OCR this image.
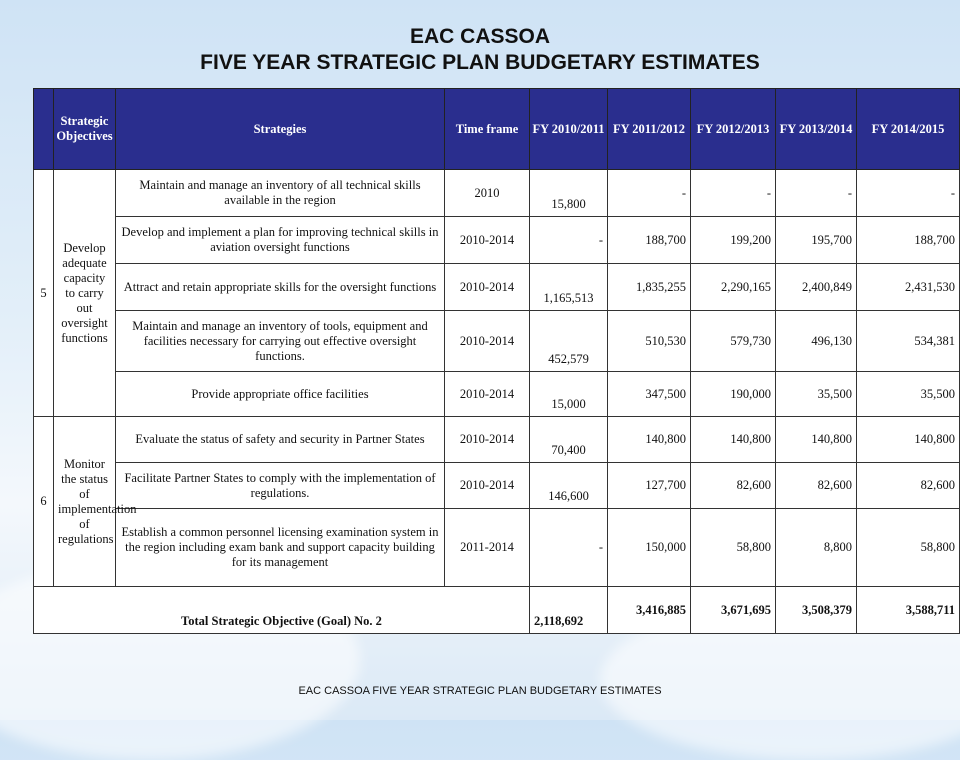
EAC CASSOA
FIVE YEAR STRATEGIC PLAN BUDGETARY ESTIMATES
	Strategic Objectives	Strategies	Time frame	FY 2010/2011	FY 2011/2012	FY 2012/2013	FY 2013/2014	FY 2014/2015
5	Develop adequate capacity to carry out oversight functions	Maintain and manage an inventory of all technical skills available in the region	2010	15,800	-	-	-	-
		Develop and implement a plan for improving technical skills in aviation oversight functions	2010-2014	-	188,700	199,200	195,700	188,700
		Attract and retain appropriate skills for the oversight functions	2010-2014	1,165,513	1,835,255	2,290,165	2,400,849	2,431,530
		Maintain and manage an inventory of tools, equipment and facilities necessary for carrying out effective oversight functions.	2010-2014	452,579	510,530	579,730	496,130	534,381
		Provide appropriate office facilities	2010-2014	15,000	347,500	190,000	35,500	35,500
6	Monitor the status of implementation of regulations	Evaluate the status of safety and security in Partner States	2010-2014	70,400	140,800	140,800	140,800	140,800
		Facilitate Partner States to comply with the implementation of regulations.	2010-2014	146,600	127,700	82,600	82,600	82,600
		Establish a common personnel licensing examination system in the region including exam bank and support capacity building for its management	2011-2014	-	150,000	58,800	8,800	58,800
Total Strategic Objective (Goal) No. 2				2,118,692	3,416,885	3,671,695	3,508,379	3,588,711
EAC CASSOA FIVE YEAR STRATEGIC PLAN BUDGETARY ESTIMATES
